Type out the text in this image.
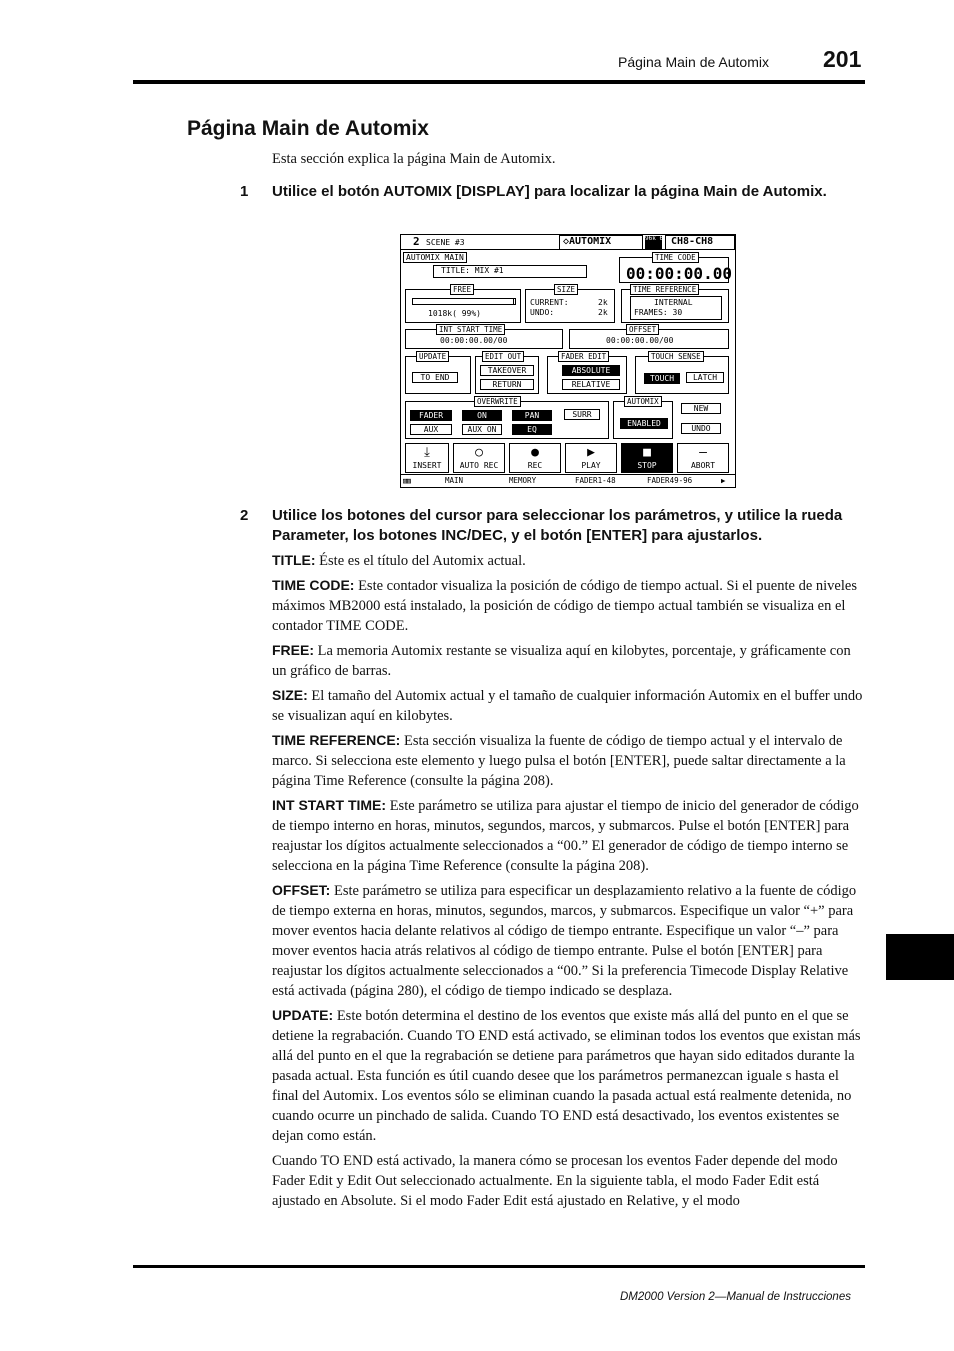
Página Main de Automix 201
Página Main de Automix
Esta sección explica la página Main de Automix.
1 Utilice el botón AUTOMIX [DISPLAY] para localizar la página Main de Automix.
2 SCENE #3	◇AUTOMIX	96k 6.1 CH8-CH8
AUTOMIX MAIN
TITLE: MIX #1
TIME CODE
00:00:00.00
FREE
1018k( 99%)
SIZE
CURRENT:	2k
UNDO:	2k
TIME REFERENCE
INTERNAL
FRAMES: 30
INT START TIME
00:00:00.00/00
OFFSET
00:00:00.00/00
UPDATE
TO END
EDIT OUT
TAKEOVER
RETURN
FADER EDIT
ABSOLUTE
RELATIVE
TOUCH SENSE
TOUCH	LATCH
OVERWRITE
FADER	ON	PAN	SURR
AUX	AUX ON	EQ
AUTOMIX
ENABLED
NEW
UNDO
⤓
INSERT
○
AUTO REC
●
REC
▶
PLAY
■
STOP
—
ABORT
▨▨	MAIN	MEMORY	FADER1-48	FADER49-96	▶
2 Utilice los botones del cursor para seleccionar los parámetros, y utilice la rueda Parameter, los botones INC/DEC, y el botón [ENTER] para ajustarlos.

TITLE: Éste es el título del Automix actual.

TIME CODE: Este contador visualiza la posición de código de tiempo actual. Si el puente de niveles máximos MB2000 está instalado, la posición de código de tiempo actual también se visualiza en el contador TIME CODE.

FREE: La memoria Automix restante se visualiza aquí en kilobytes, porcentaje, y gráficamente con un gráfico de barras.

SIZE: El tamaño del Automix actual y el tamaño de cualquier información Automix en el buffer undo se visualizan aquí en kilobytes.

TIME REFERENCE: Esta sección visualiza la fuente de código de tiempo actual y el intervalo de marco. Si selecciona este elemento y luego pulsa el botón [ENTER], puede saltar directamente a la página Time Reference (consulte la página 208).

INT START TIME: Este parámetro se utiliza para ajustar el tiempo de inicio del generador de código de tiempo interno en horas, minutos, segundos, marcos, y submarcos. Pulse el botón [ENTER] para reajustar los dígitos actualmente seleccionados a “00.” El generador de código de tiempo interno se selecciona en la página Time Reference (consulte la página 208).

OFFSET: Este parámetro se utiliza para especificar un desplazamiento relativo a la fuente de código de tiempo externa en horas, minutos, segundos, marcos, y submarcos. Especifique un valor “+” para mover eventos hacia delante relativos al código de tiempo entrante. Especifique un valor “–” para mover eventos hacia atrás relativos al código de tiempo entrante. Pulse el botón [ENTER] para reajustar los dígitos actualmente seleccionados a “00.” Si la preferencia Timecode Display Relative está activada (página 280), el código de tiempo indicado se desplaza.

UPDATE: Este botón determina el destino de los eventos que existe más allá del punto en el que se detiene la regrabación. Cuando TO END está activado, se eliminan todos los eventos que existan más allá del punto en el que la regrabación se detiene para parámetros que hayan sido editados durante la pasada actual. Esta función es útil cuando desee que los parámetros permanezcan iguale s hasta el final del Automix. Los eventos sólo se eliminan cuando la pasada actual está realmente detenida, no cuando ocurre un pinchado de salida. Cuando TO END está desactivado, los eventos existentes se dejan como están.

Cuando TO END está activado, la manera cómo se procesan los eventos Fader depende del modo Fader Edit y Edit Out seleccionado actualmente. En la siguiente tabla, el modo Fader Edit está ajustado en Absolute. Si el modo Fader Edit está ajustado en Relative, y el modo

DM2000 Version 2—Manual de Instrucciones
